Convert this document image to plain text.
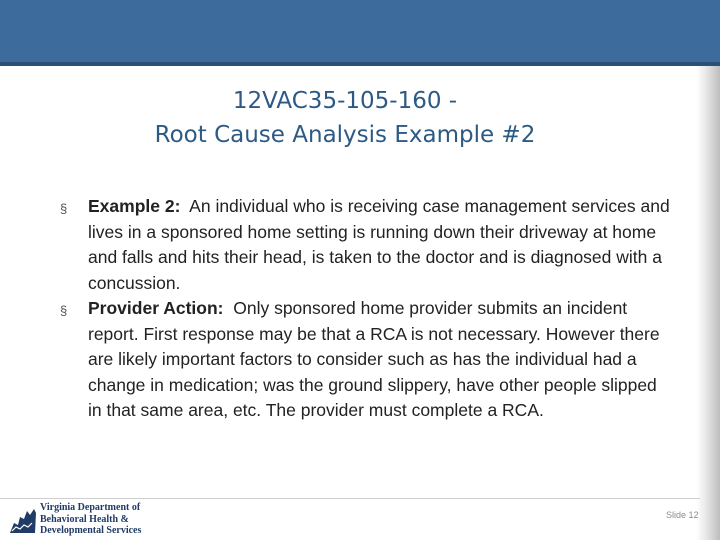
12VAC35-105-160 -
Root Cause Analysis Example #2
§ Example 2: An individual who is receiving case management services and lives in a sponsored home setting is running down their driveway at home and falls and hits their head, is taken to the doctor and is diagnosed with a concussion.
§ Provider Action: Only sponsored home provider submits an incident report. First response may be that a RCA is not necessary. However there are likely important factors to consider such as has the individual had a change in medication; was the ground slippery, have other people slipped in that same area, etc. The provider must complete a RCA.
Virginia Department of
Behavioral Health &
Developmental Services
Slide 12
